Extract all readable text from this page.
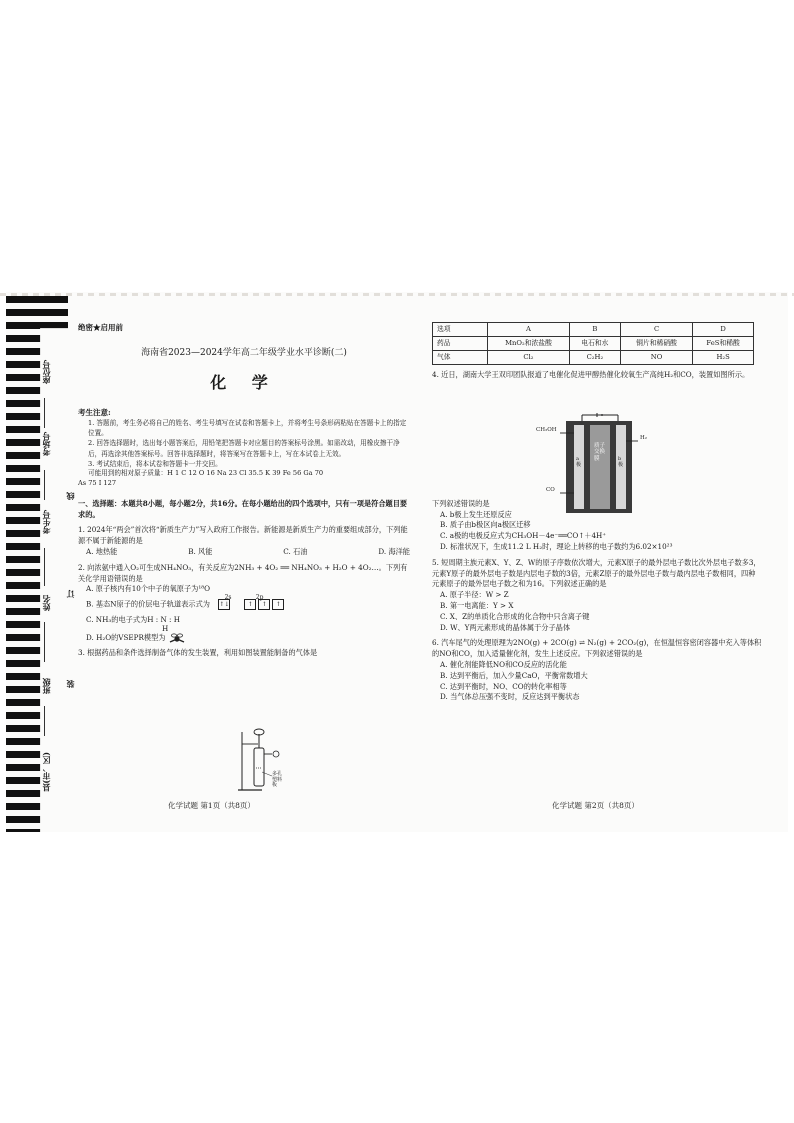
座位号
考场号
考生号
姓名
班级
县(市、区)
线
订
装
绝密★启用前
海南省2023—2024学年高二年级学业水平诊断(二)
化 学
考生注意:
1. 答题前，考生务必将自己的姓名、考生号填写在试卷和答题卡上，并将考生号条形码粘贴在答题卡上的指定位置。
2. 回答选择题时，选出每小题答案后，用铅笔把答题卡对应题目的答案标号涂黑。如需改动，用橡皮擦干净后，再选涂其他答案标号。回答非选择题时，将答案写在答题卡上，写在本试卷上无效。
3. 考试结束后，将本试卷和答题卡一并交回。
可能用到的相对原子质量：H 1 C 12 O 16 Na 23 Cl 35.5 K 39 Fe 56 Ga 70
As 75 I 127
一、选择题：本题共8小题，每小题2分，共16分。在每小题给出的四个选项中，只有一项是符合题目要求的。
1. 2024年“两会”首次将“新质生产力”写入政府工作报告。新能源是新质生产力的重要组成部分，下列能源不属于新能源的是
A. 地热能	B. 风能	C. 石油	D. 海洋能
2. 向浓氨中通入O₂可生成NH₄NO₃，有关反应为2NH₃ + 4O₂ ══ NH₄NO₃ + H₂O + 4O₂…。下列有关化学用语错误的是
A. 原子核内有10个中子的氧原子为¹⁸O
B. 基态N原子的价层电子轨道表示式为 ↑↓	↑	↑	↑
$^{2s}$	$^{2p}$
C. NH₃的电子式为H : N : H
H
D. H₂O的VSEPR模型为
3. 根据药品和条件选择制备气体的发生装置，利用如图装置能制备的气体是
多孔塑料板
选项	A	B	C	D
药品	MnO₂和浓盐酸	电石和水	铜片和稀硝酸	FeS和稀酸
气体	Cl₂	C₂H₂	NO	H₂S
4. 近日，湖南大学王双印团队报道了电催化促进甲醇热催化较氧生产高纯H₂和CO，装置如图所示。
下列叙述错误的是
A. b极上发生还原反应
B. 质子由b极区向a极区迁移
C. a极的电极反应式为CH₃OH－4e⁻══CO↑＋4H⁺
D. 标准状况下，生成11.2 L H₂时，理论上转移的电子数约为6.02×10²³
5. 短周期主族元素X、Y、Z、W的原子序数依次增大，元素X原子的最外层电子数比次外层电子数多3，元素Y原子的最外层电子数是内层电子数的3倍，元素Z原子的最外层电子数与最内层电子数相同，四种元素原子的最外层电子数之和为16。下列叙述正确的是
A. 原子半径：W > Z
B. 第一电离能：Y > X
C. X、Z的单质化合形成的化合物中只含离子键
D. W、Y两元素形成的晶体属于分子晶体
6. 汽车尾气的处理原理为2NO(g) + 2CO(g) ⇌ N₂(g) + 2CO₂(g)，在恒温恒容密闭容器中充入等体积的NO和CO，加入适量催化剂，发生上述反应。下列叙述错误的是
A. 催化剂能降低NO和CO反应的活化能
B. 达到平衡后，加入少量CaO，平衡常数增大
C. 达到平衡时，NO、CO的转化率相等
D. 当气体总压强不变时，反应达到平衡状态
CH₃OH
H₂
CO
a极
b极
质子交换膜
化学试题 第1页（共8页）	化学试题 第2页（共8页）
